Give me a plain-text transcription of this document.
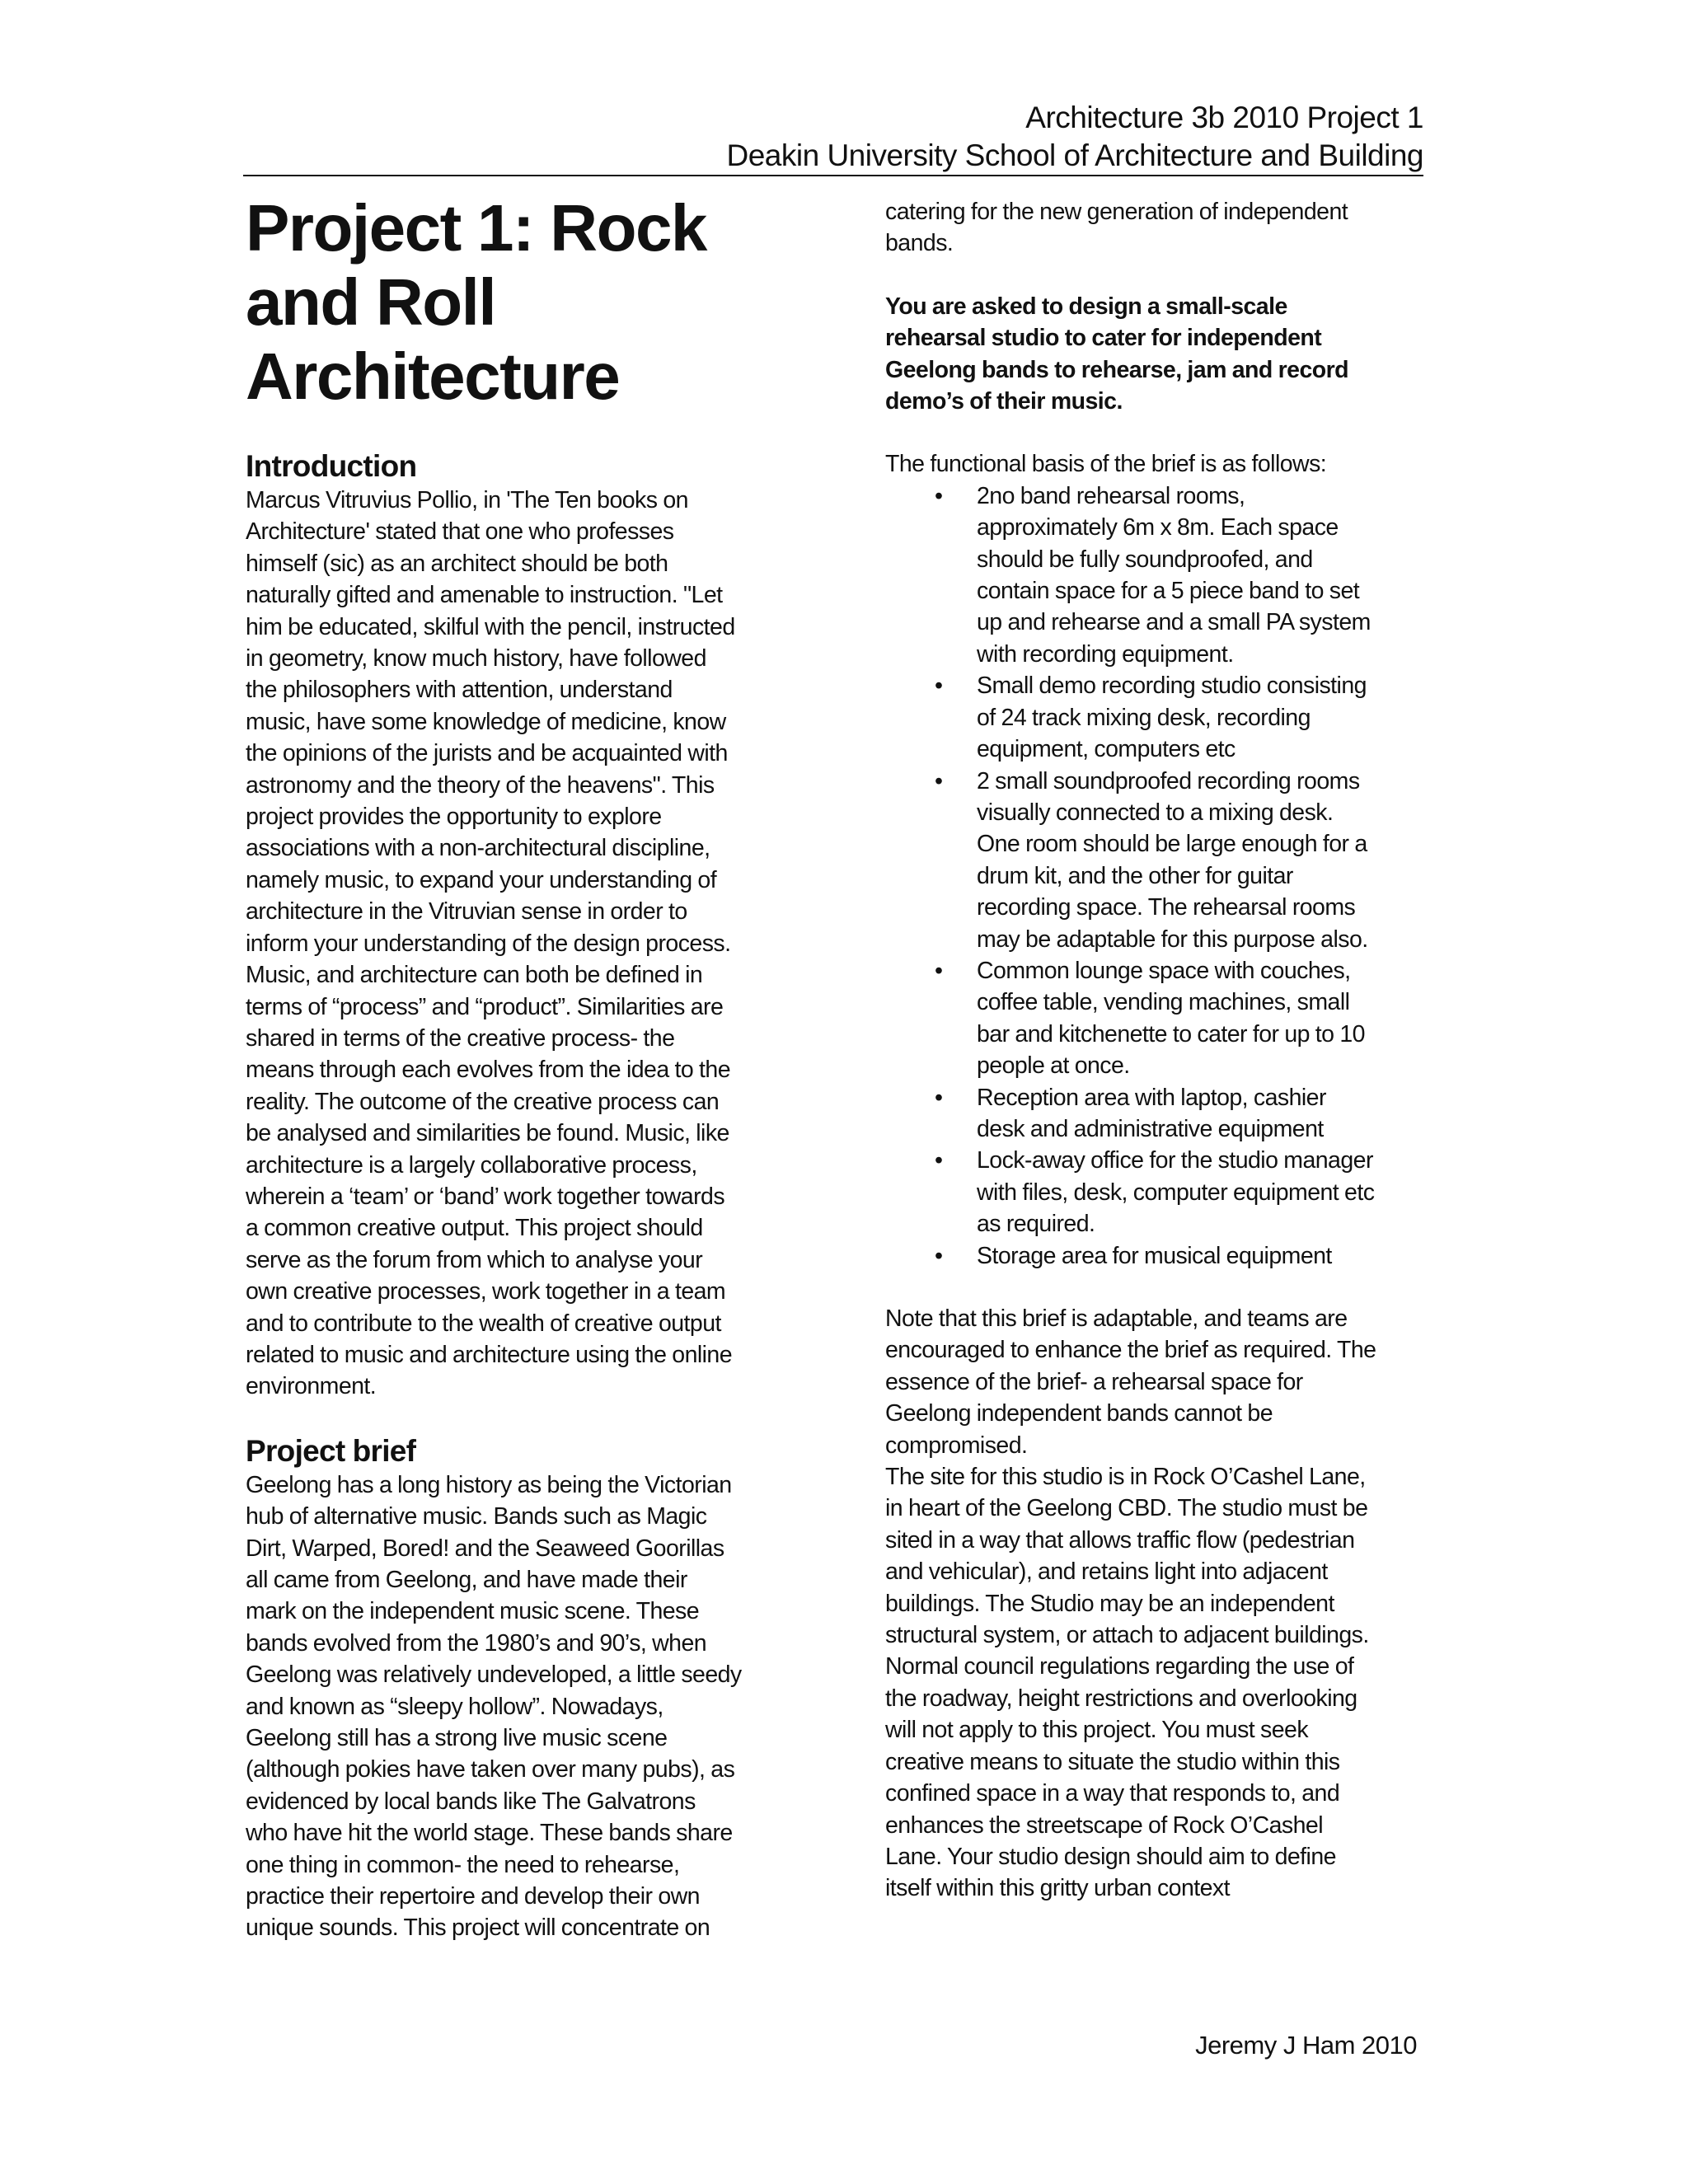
Architecture 3b 2010 Project 1
Deakin University School of Architecture and Building
Project 1: Rock
and Roll
Architecture
Introduction
Marcus Vitruvius Pollio, in 'The Ten books on
Architecture' stated that one who professes
himself (sic) as an architect should be both
naturally gifted and amenable to instruction. "Let
him be educated, skilful with the pencil, instructed
in geometry, know much history, have followed
the philosophers with attention, understand
music, have some knowledge of medicine, know
the opinions of the jurists and be acquainted with
astronomy and the theory of the heavens". This
project provides the opportunity to explore
associations with a non-architectural discipline,
namely music, to expand your understanding of
architecture in the Vitruvian sense in order to
inform your understanding of the design process.
Music, and architecture can both be defined in
terms of “process” and “product”. Similarities are
shared in terms of the creative process- the
means through each evolves from the idea to the
reality. The outcome of the creative process can
be analysed and similarities be found. Music, like
architecture is a largely collaborative process,
wherein a ‘team’ or ‘band’ work together towards
a common creative output. This project should
serve as the forum from which to analyse your
own creative processes, work together in a team
and to contribute to the wealth of creative output
related to music and architecture using the online
environment.
Project brief
Geelong has a long history as being the Victorian
hub of alternative music. Bands such as Magic
Dirt, Warped, Bored! and the Seaweed Goorillas
all came from Geelong, and have made their
mark on the independent music scene. These
bands evolved from the 1980’s and 90’s, when
Geelong was relatively undeveloped, a little seedy
and known as “sleepy hollow”. Nowadays,
Geelong still has a strong live music scene
(although pokies have taken over many pubs), as
evidenced by local bands like The Galvatrons
who have hit the world stage. These bands share
one thing in common- the need to rehearse,
practice their repertoire and develop their own
unique sounds. This project will concentrate on
catering for the new generation of independent
bands.
You are asked to design a small-scale
rehearsal studio to cater for independent
Geelong bands to rehearse, jam and record
demo’s of their music.
The functional basis of the brief is as follows:
• 2no band rehearsal rooms,
approximately 6m x 8m. Each space
should be fully soundproofed, and
contain space for a 5 piece band to set
up and rehearse and a small PA system
with recording equipment.
• Small demo recording studio consisting
of 24 track mixing desk, recording
equipment, computers etc
• 2 small soundproofed recording rooms
visually connected to a mixing desk.
One room should be large enough for a
drum kit, and the other for guitar
recording space. The rehearsal rooms
may be adaptable for this purpose also.
• Common lounge space with couches,
coffee table, vending machines, small
bar and kitchenette to cater for up to 10
people at once.
• Reception area with laptop, cashier
desk and administrative equipment
• Lock-away office for the studio manager
with files, desk, computer equipment etc
as required.
• Storage area for musical equipment
Note that this brief is adaptable, and teams are
encouraged to enhance the brief as required. The
essence of the brief- a rehearsal space for
Geelong independent bands cannot be
compromised.
The site for this studio is in Rock O’Cashel Lane,
in heart of the Geelong CBD. The studio must be
sited in a way that allows traffic flow (pedestrian
and vehicular), and retains light into adjacent
buildings. The Studio may be an independent
structural system, or attach to adjacent buildings.
Normal council regulations regarding the use of
the roadway, height restrictions and overlooking
will not apply to this project. You must seek
creative means to situate the studio within this
confined space in a way that responds to, and
enhances the streetscape of Rock O’Cashel
Lane. Your studio design should aim to define
itself within this gritty urban context
Jeremy J Ham 2010
